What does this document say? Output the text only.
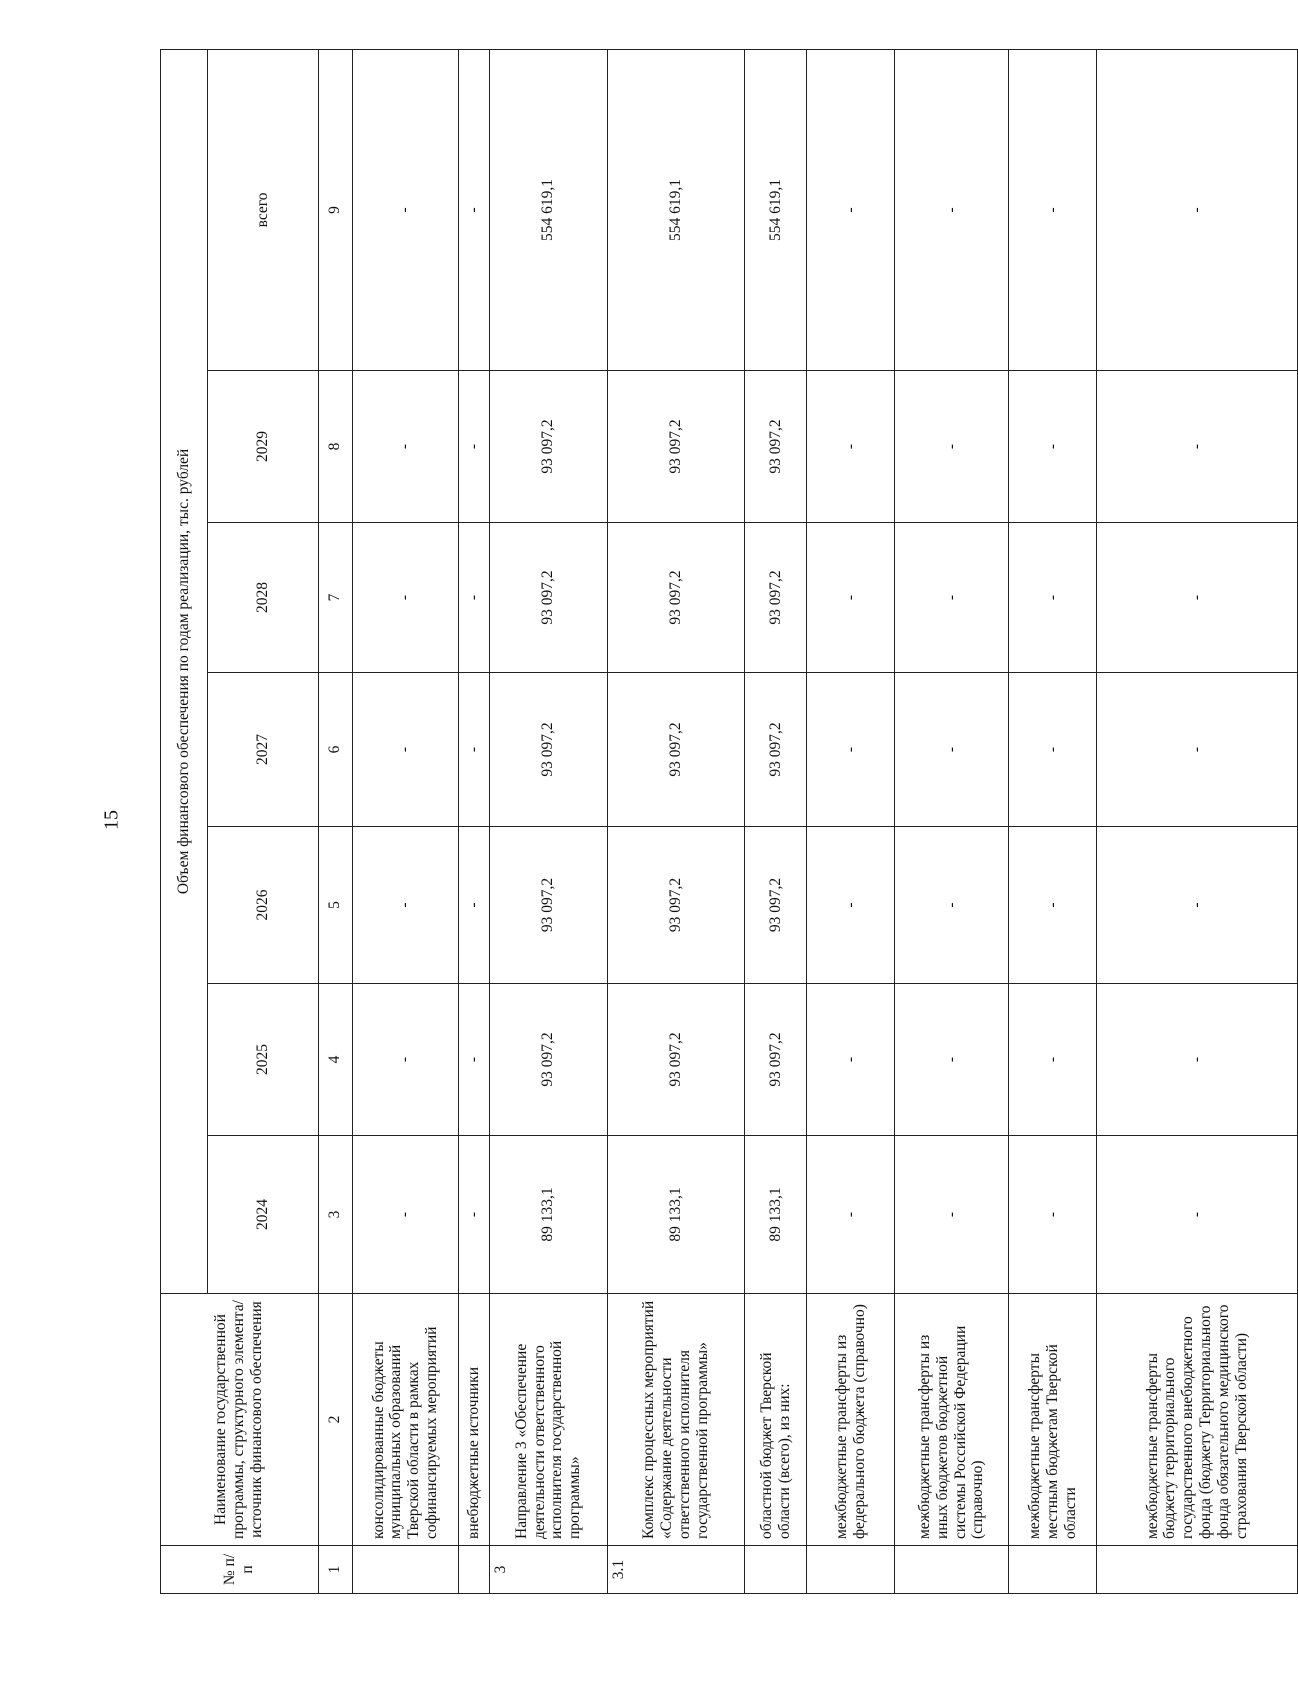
15
№ п/п	Наименование государственной программы, структурного элемента/ источник финансового обеспечения	Объем финансового обеспечения по годам реализации, тыс. рублей						
		2024	2025	2026	2027	2028	2029	всего
1	2	3	4	5	6	7	8	9
	консолидированные бюджеты муниципальных образований Тверской области в рамках софинансируемых мероприятий	-	-	-	-	-	-	-
	внебюджетные источники	-	-	-	-	-	-	-
3	Направление 3 «Обеспечение деятельности ответственного исполнителя государственной программы»	89 133,1	93 097,2	93 097,2	93 097,2	93 097,2	93 097,2	554 619,1
3.1	Комплекс процессных мероприятий «Содержание деятельности ответственного исполнителя государственной программы»	89 133,1	93 097,2	93 097,2	93 097,2	93 097,2	93 097,2	554 619,1
	областной бюджет Тверской области (всего), из них:	89 133,1	93 097,2	93 097,2	93 097,2	93 097,2	93 097,2	554 619,1
	межбюджетные трансферты из федерального бюджета (справочно)	-	-	-	-	-	-	-
	межбюджетные трансферты из иных бюджетов бюджетной системы Российской Федерации (справочно)	-	-	-	-	-	-	-
	межбюджетные трансферты местным бюджетам Тверской области	-	-	-	-	-	-	-
	межбюджетные трансферты бюджету территориального государственного внебюджетного фонда (бюджету Территориального фонда обязательного медицинского страхования Тверской области)	-	-	-	-	-	-	-
